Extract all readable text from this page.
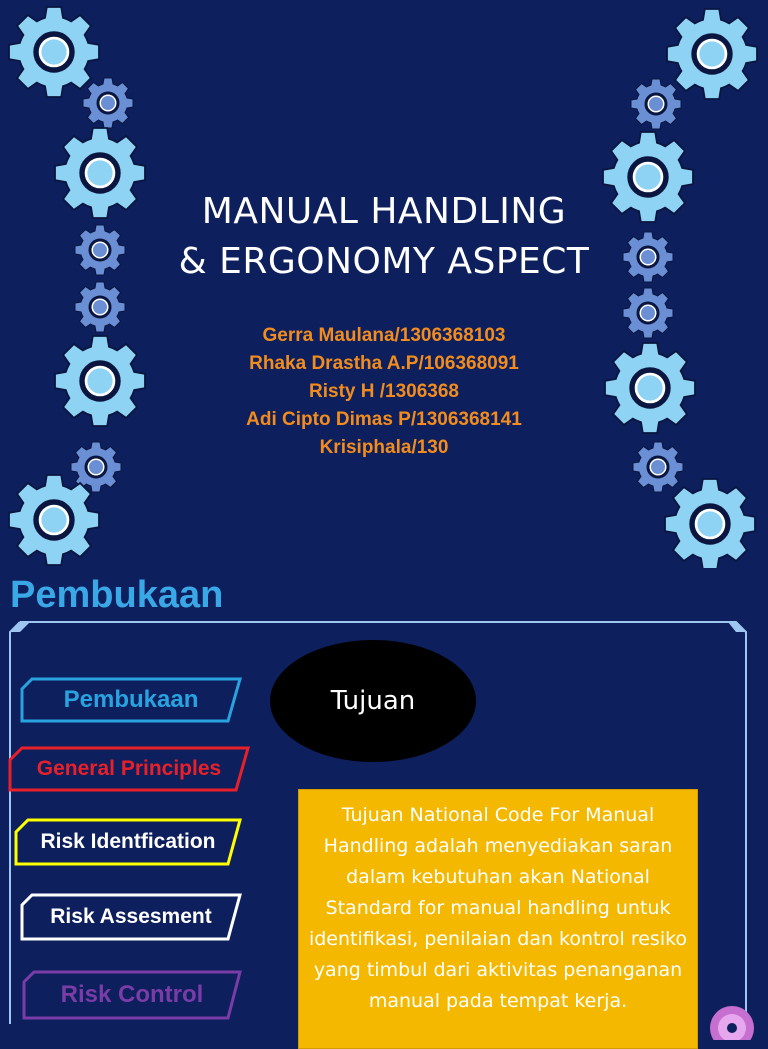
MANUAL HANDLING
& ERGONOMY ASPECT
Gerra Maulana/1306368103
Rhaka Drastha A.P/106368091
Risty H /1306368
Adi Cipto Dimas P/1306368141
Krisiphala/130
Pembukaan
Pembukaan
General Principles
Risk Identfication
Risk Assesment
Risk Control
Tujuan
Tujuan National Code For Manual Handling adalah menyediakan saran dalam kebutuhan akan National Standard for manual handling untuk identifikasi, penilaian dan kontrol resiko yang timbul dari aktivitas penanganan manual pada tempat kerja.
